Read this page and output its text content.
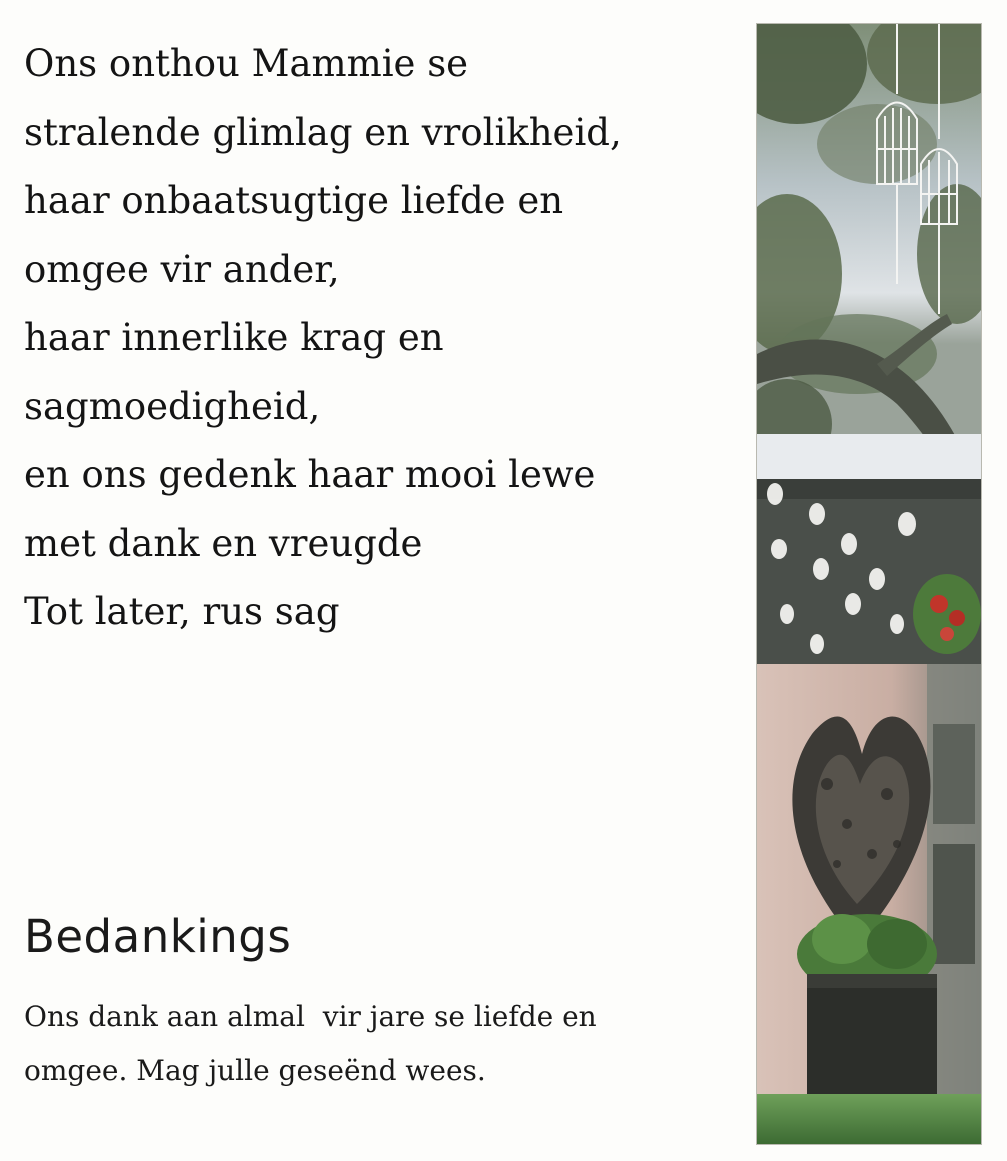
Ons onthou Mammie se
stralende glimlag en vrolikheid,
haar onbaatsugtige liefde en
omgee vir ander,
haar innerlike krag en
sagmoedigheid,
en ons gedenk haar mooi lewe
met dank en vreugde
Tot later, rus sag
Bedankings

Ons dank aan almal  vir jare se liefde en
omgee. Mag julle geseënd wees.
